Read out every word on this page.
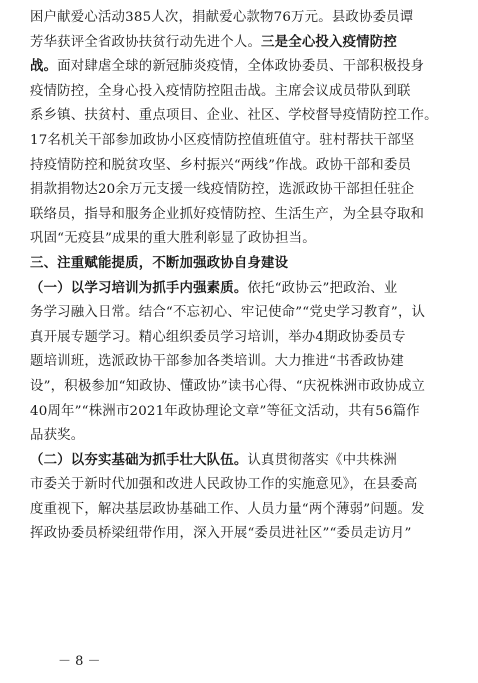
困户献爱心活动385人次，捐献爱心款物76万元。县政协委员谭
芳华获评全省政协扶贫行动先进个人。三是全心投入疫情防控
战。面对肆虐全球的新冠肺炎疫情，全体政协委员、干部积极投身
疫情防控，全身心投入疫情防控阻击战。主席会议成员带队到联
系乡镇、扶贫村、重点项目、企业、社区、学校督导疫情防控工作。
17名机关干部参加政协小区疫情防控值班值守。驻村帮扶干部坚
持疫情防控和脱贫攻坚、乡村振兴“两线”作战。政协干部和委员
捐款捐物达20余万元支援一线疫情防控，选派政协干部担任驻企
联络员，指导和服务企业抓好疫情防控、生活生产，为全县夺取和
巩固“无疫县”成果的重大胜利彰显了政协担当。
三、注重赋能提质，不断加强政协自身建设
（一）以学习培训为抓手内强素质。依托“政协云”把政治、业
务学习融入日常。结合“不忘初心、牢记使命”“党史学习教育”，认
真开展专题学习。精心组织委员学习培训，举办4期政协委员专
题培训班，选派政协干部参加各类培训。大力推进“书香政协建
设”，积极参加“知政协、懂政协”读书心得、“庆祝株洲市政协成立
40周年”“株洲市2021年政协理论文章”等征文活动，共有56篇作
品获奖。
（二）以夯实基础为抓手壮大队伍。认真贯彻落实《中共株洲
市委关于新时代加强和改进人民政协工作的实施意见》，在县委高
度重视下，解决基层政协基础工作、人员力量“两个薄弱”问题。发
挥政协委员桥梁纽带作用，深入开展“委员进社区”“委员走访月”
－ 8 －
